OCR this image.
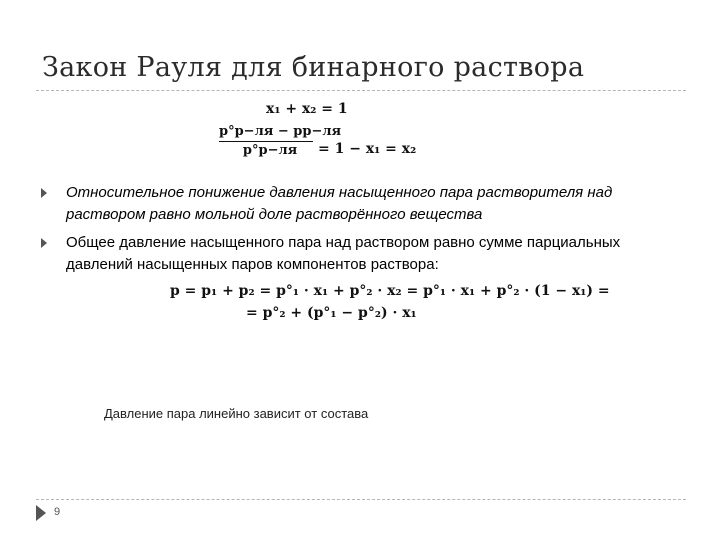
Закон Рауля для бинарного раствора
x₁ + x₂ = 1
p°р−ля − pр−ля
p°р−ля	= 1 − x₁ = x₂
Относительное понижение давления насыщенного пара растворителя над раствором равно мольной доле растворённого вещества
Общее давление насыщенного пара над раствором равно сумме парциальных давлений насыщенных паров компонентов раствора:
p = p₁ + p₂ = p°₁ · x₁ + p°₂ · x₂ = p°₁ · x₁ + p°₂ · (1 − x₁) =
= p°₂ + (p°₁ − p°₂) · x₁
Давление пара линейно зависит от состава
9
